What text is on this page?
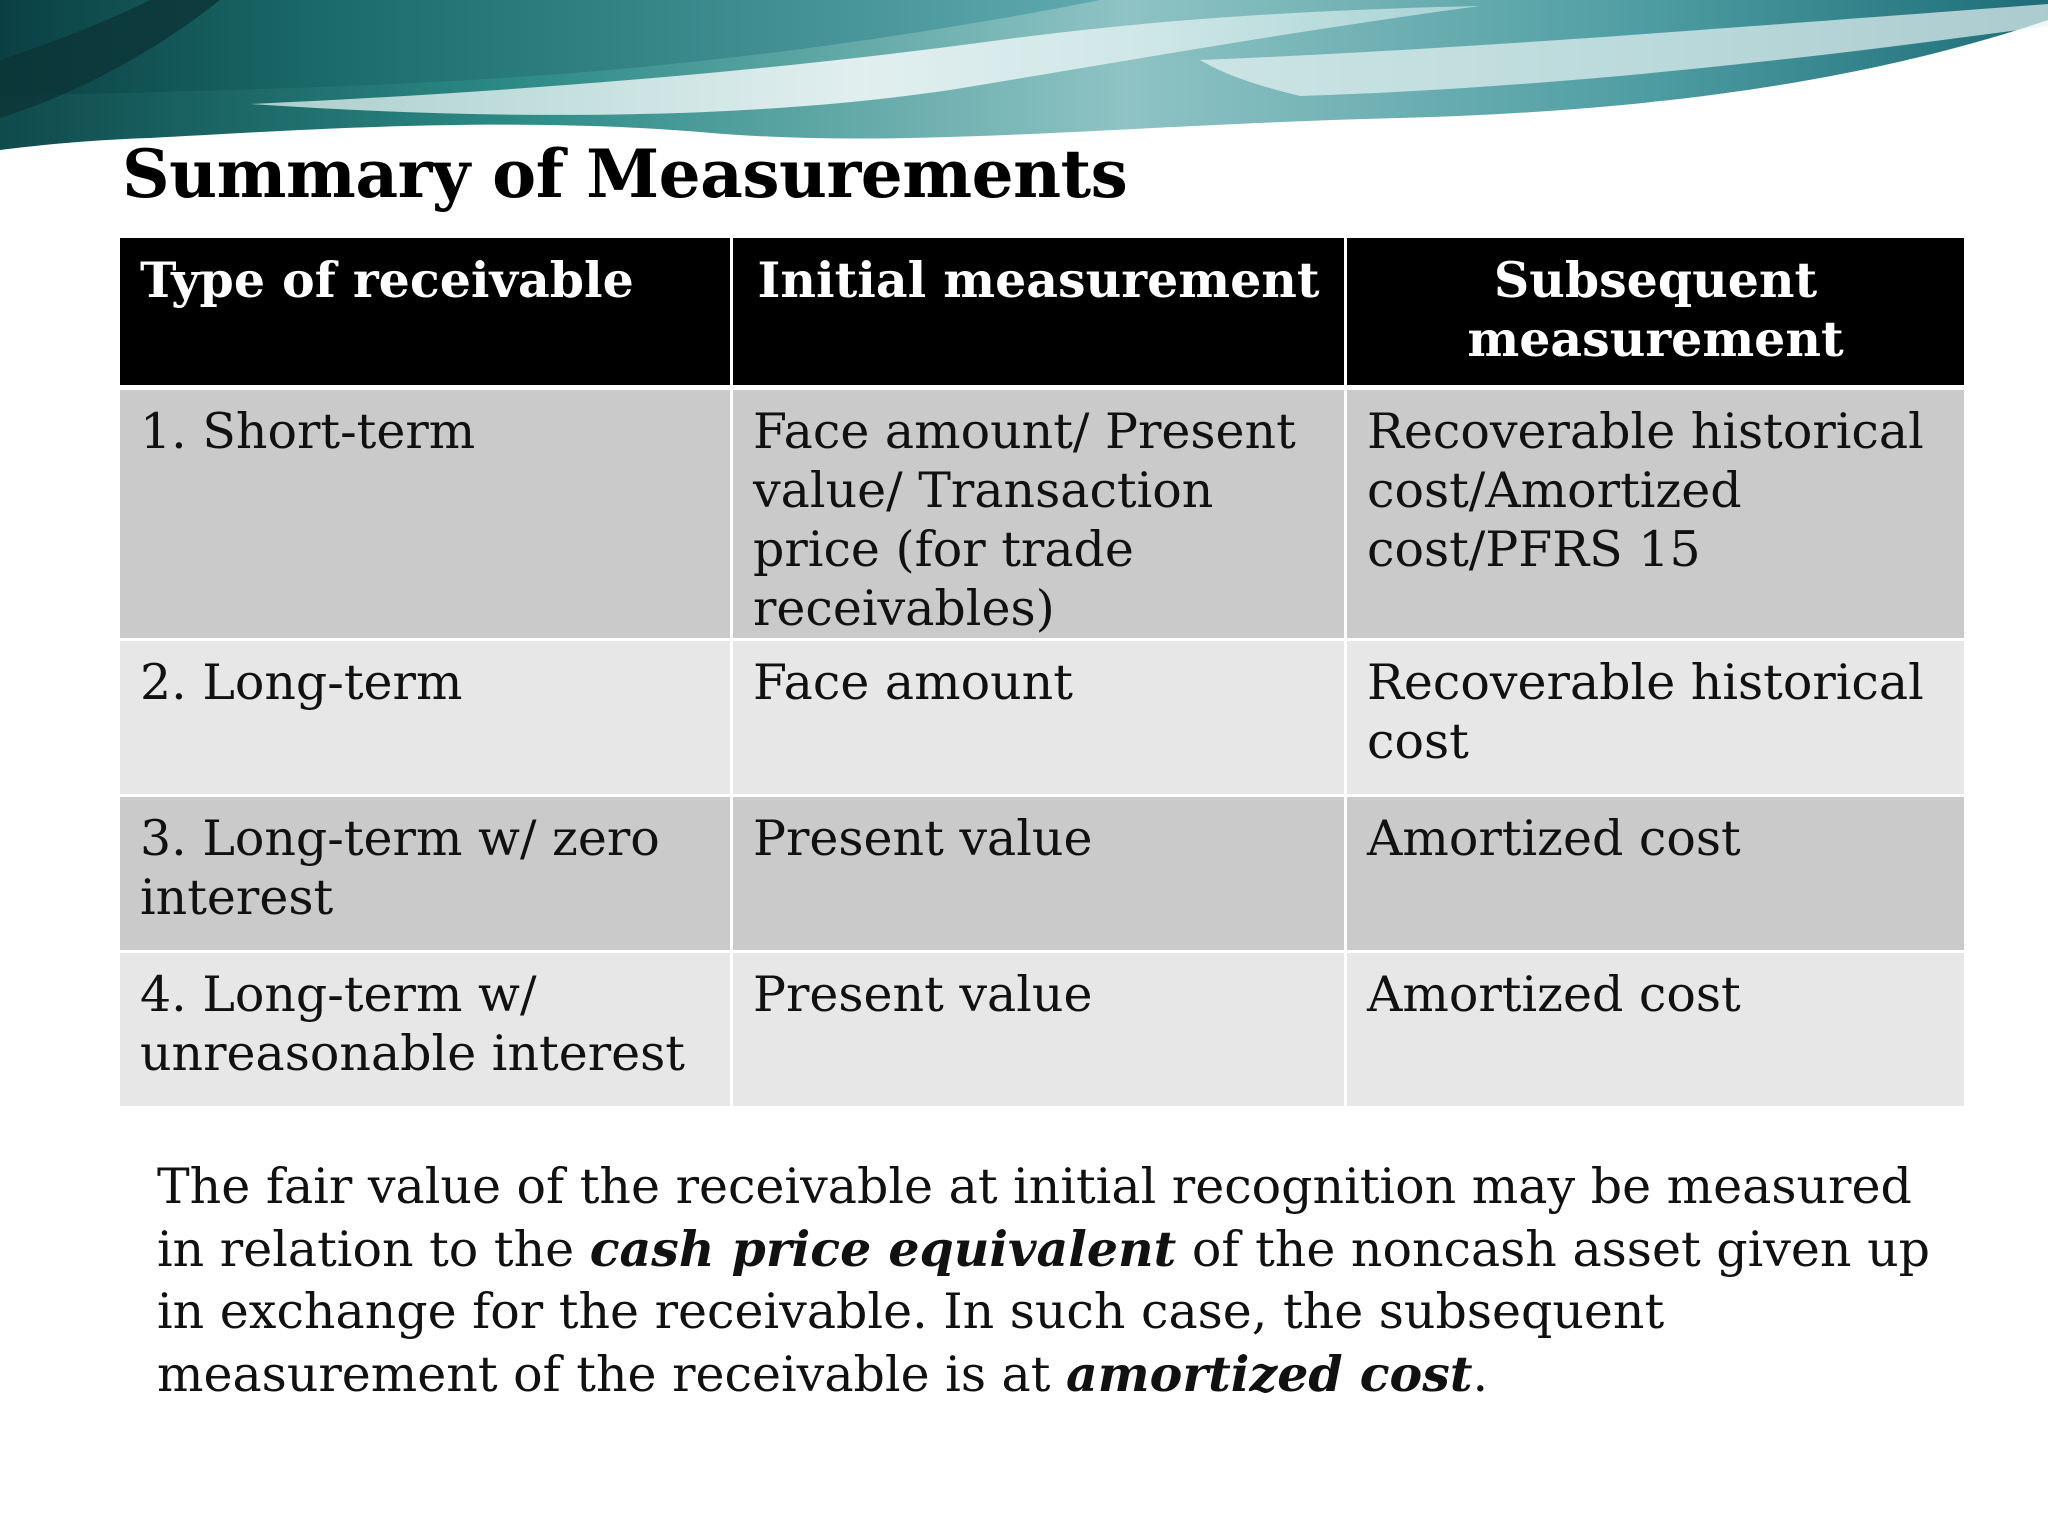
Summary of Measurements
Type of receivable	Initial measurement	Subsequent measurement
1. Short-term	Face amount/ Present value/ Transaction price (for trade receivables)	Recoverable historical cost/Amortized cost/PFRS 15
2. Long-term	Face amount	Recoverable historical cost
3. Long-term w/ zero interest	Present value	Amortized cost
4. Long-term w/ unreasonable interest	Present value	Amortized cost

The fair value of the receivable at initial recognition may be measured in relation to the cash price equivalent of the noncash asset given up in exchange for the receivable. In such case, the subsequent measurement of the receivable is at amortized cost.
